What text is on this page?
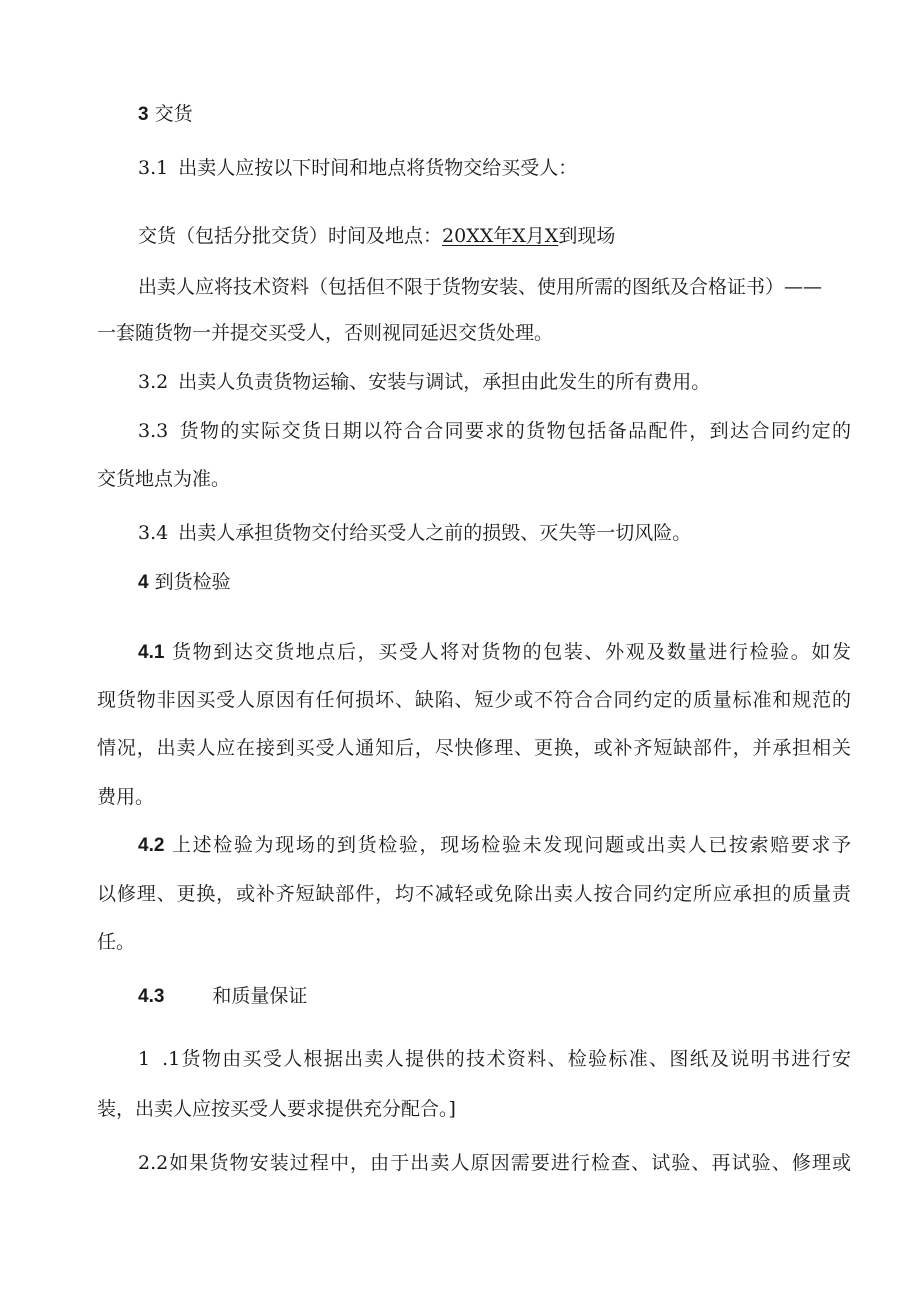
3 交货
3.1 出卖人应按以下时间和地点将货物交给买受人：
交货（包括分批交货）时间及地点：20XX年X月X到现场
出卖人应将技术资料（包括但不限于货物安装、使用所需的图纸及合格证书）——
一套随货物一并提交买受人，否则视同延迟交货处理。
3.2 出卖人负责货物运输、安装与调试，承担由此发生的所有费用。
3.3 货物的实际交货日期以符合合同要求的货物包括备品配件，到达合同约定的
交货地点为准。
3.4 出卖人承担货物交付给买受人之前的损毁、灭失等一切风险。
4 到货检验
4.1 货物到达交货地点后，买受人将对货物的包装、外观及数量进行检验。如发
现货物非因买受人原因有任何损坏、缺陷、短少或不符合合同约定的质量标准和规范的
情况，出卖人应在接到买受人通知后，尽快修理、更换，或补齐短缺部件，并承担相关
费用。
4.2 上述检验为现场的到货检验，现场检验未发现问题或出卖人已按索赔要求予
以修理、更换，或补齐短缺部件，均不减轻或免除出卖人按合同约定所应承担的质量责
任。
4.3	和质量保证
1 .1货物由买受人根据出卖人提供的技术资料、检验标准、图纸及说明书进行安
装，出卖人应按买受人要求提供充分配合。]
2.2如果货物安装过程中，由于出卖人原因需要进行检查、试验、再试验、修理或
